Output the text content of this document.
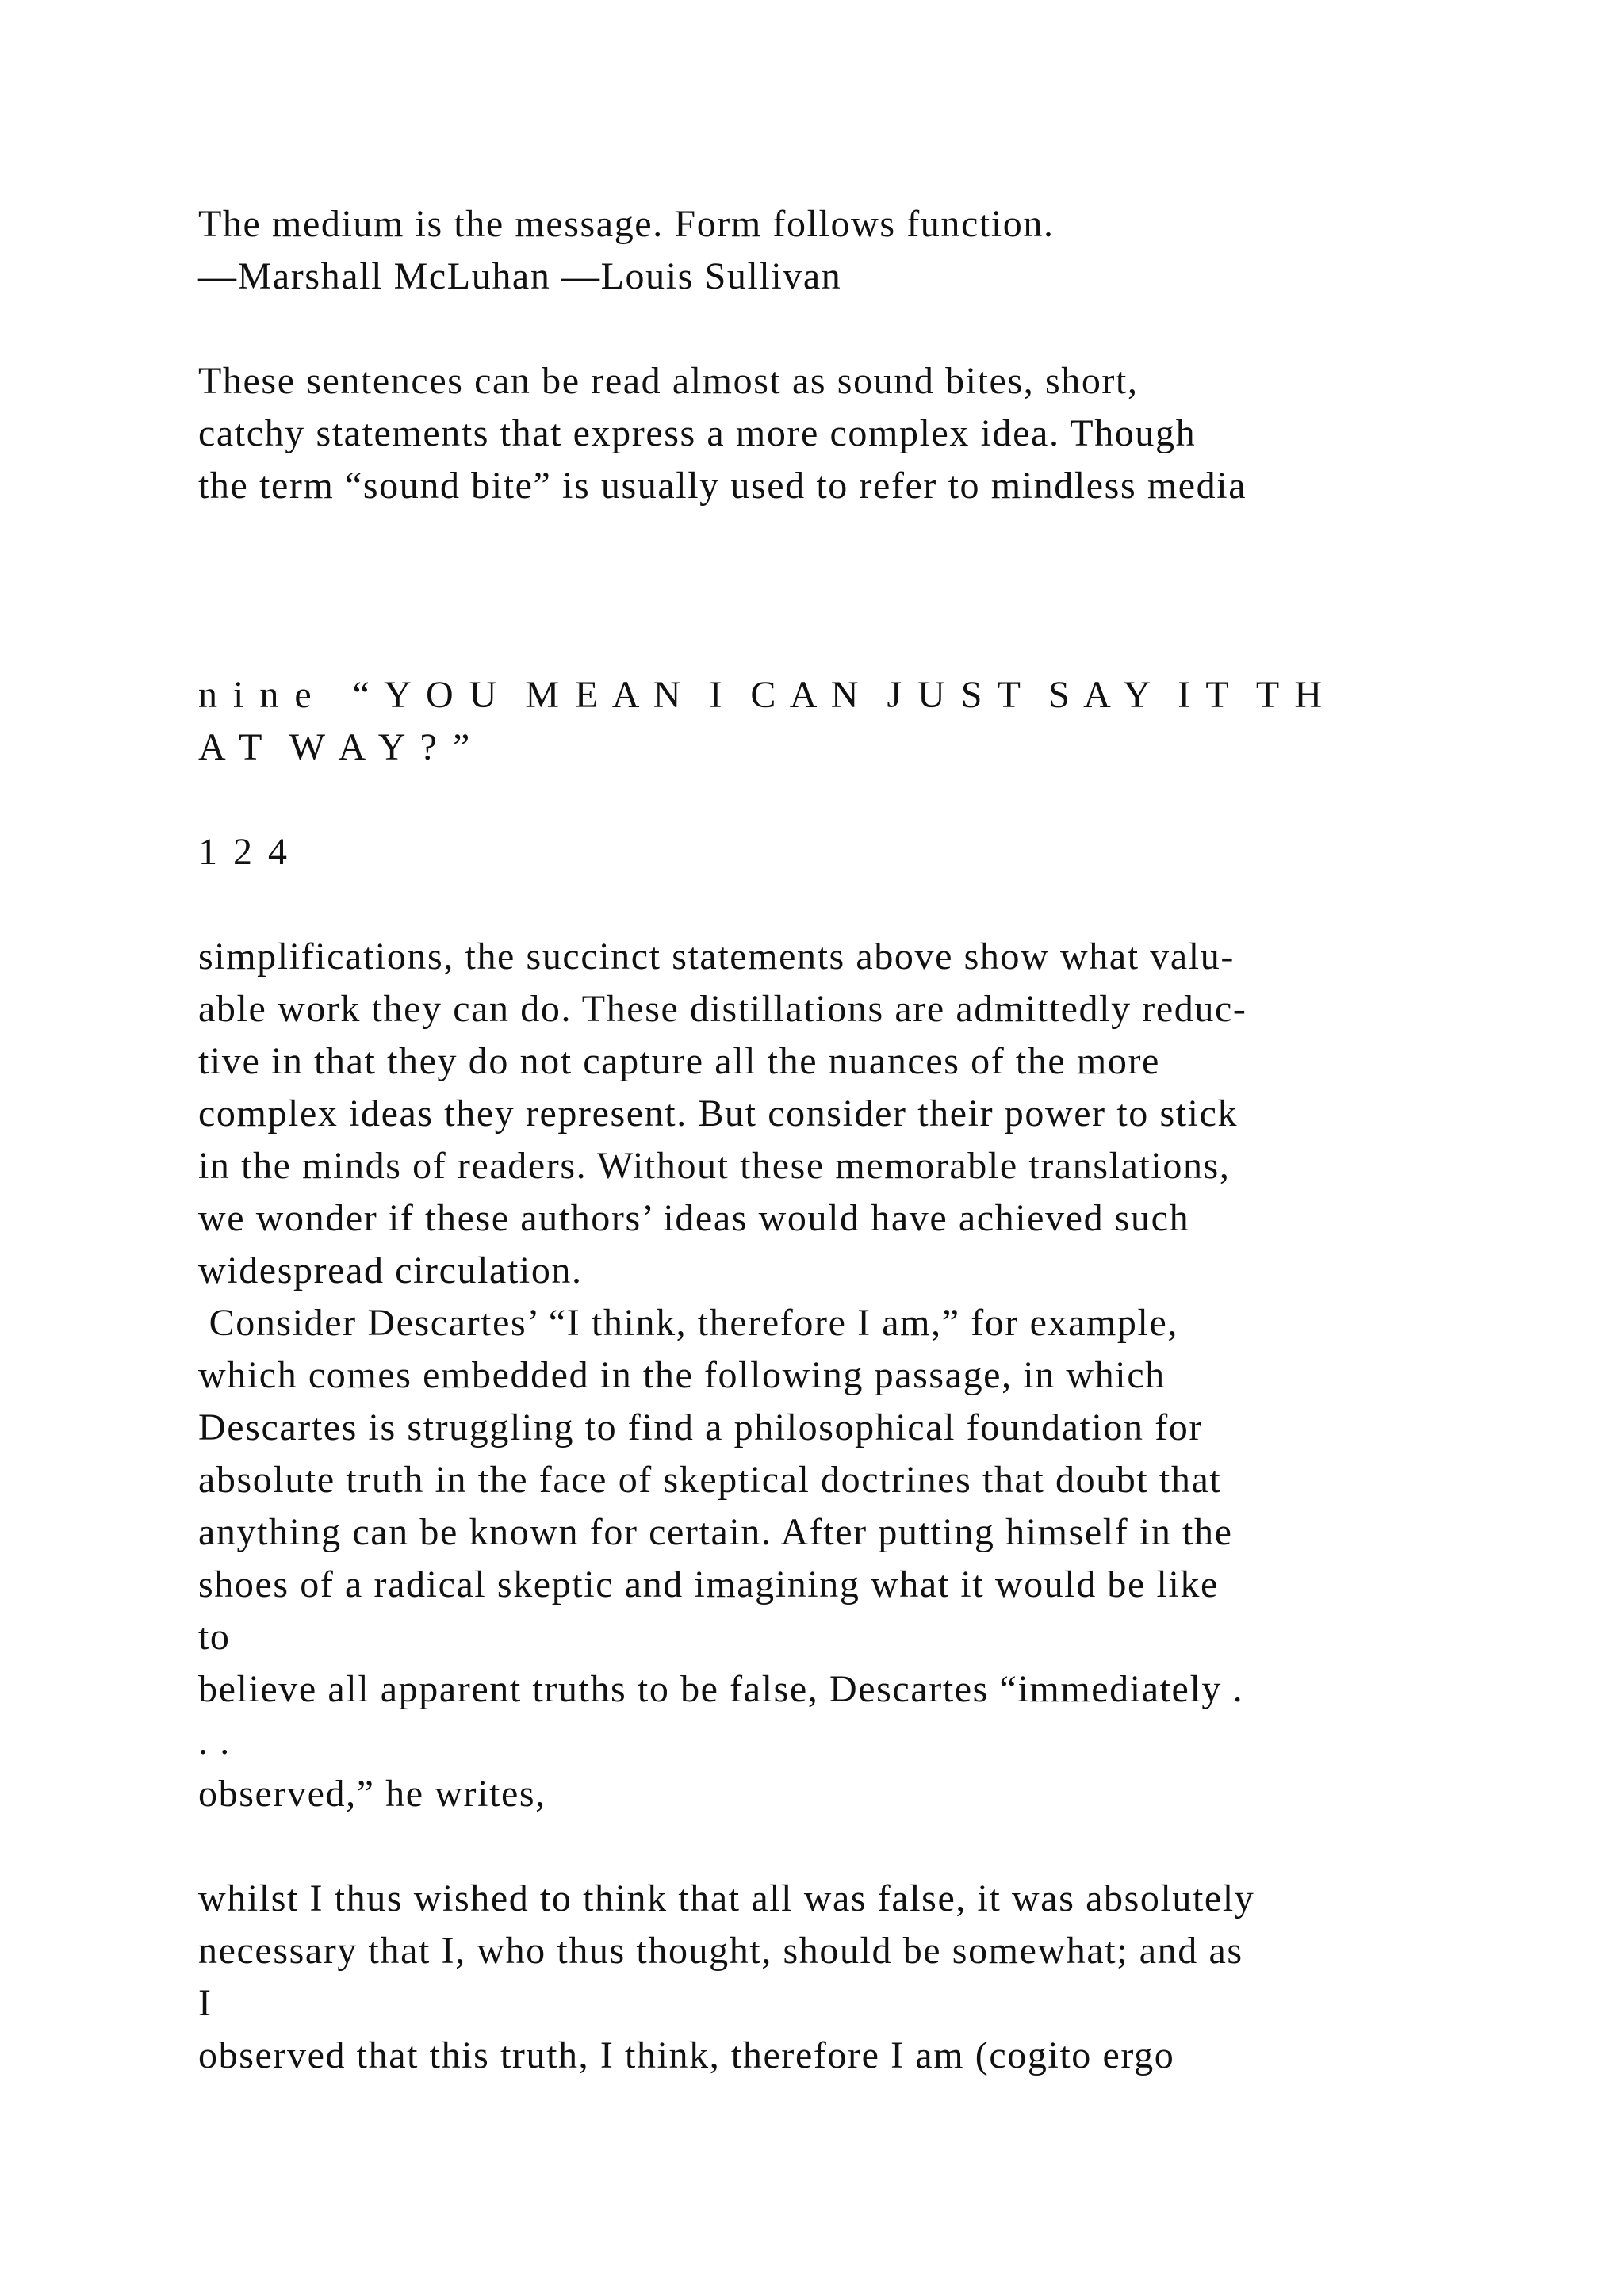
The medium is the message. Form follows function.
—Marshall McLuhan —Louis Sullivan
These sentences can be read almost as sound bites, short,
catchy statements that express a more complex idea. Though
the term “sound bite” is usually used to refer to mindless media
n i n e   “ Y O U  M E A N  I  C A N  J U S T  S A Y  I T  T H
A T  W A Y ? ”
1 2 4
simplifications, the succinct statements above show what valu-
able work they can do. These distillations are admittedly reduc-
tive in that they do not capture all the nuances of the more
complex ideas they represent. But consider their power to stick
in the minds of readers. Without these memorable translations,
we wonder if these authors’ ideas would have achieved such
widespread circulation.
Consider Descartes’ “I think, therefore I am,” for example,
which comes embedded in the following passage, in which
Descartes is struggling to find a philosophical foundation for
absolute truth in the face of skeptical doctrines that doubt that
anything can be known for certain. After putting himself in the
shoes of a radical skeptic and imagining what it would be like
to
believe all apparent truths to be false, Descartes “immediately .
. .
observed,” he writes,
whilst I thus wished to think that all was false, it was absolutely
necessary that I, who thus thought, should be somewhat; and as
I
observed that this truth, I think, therefore I am (cogito ergo
